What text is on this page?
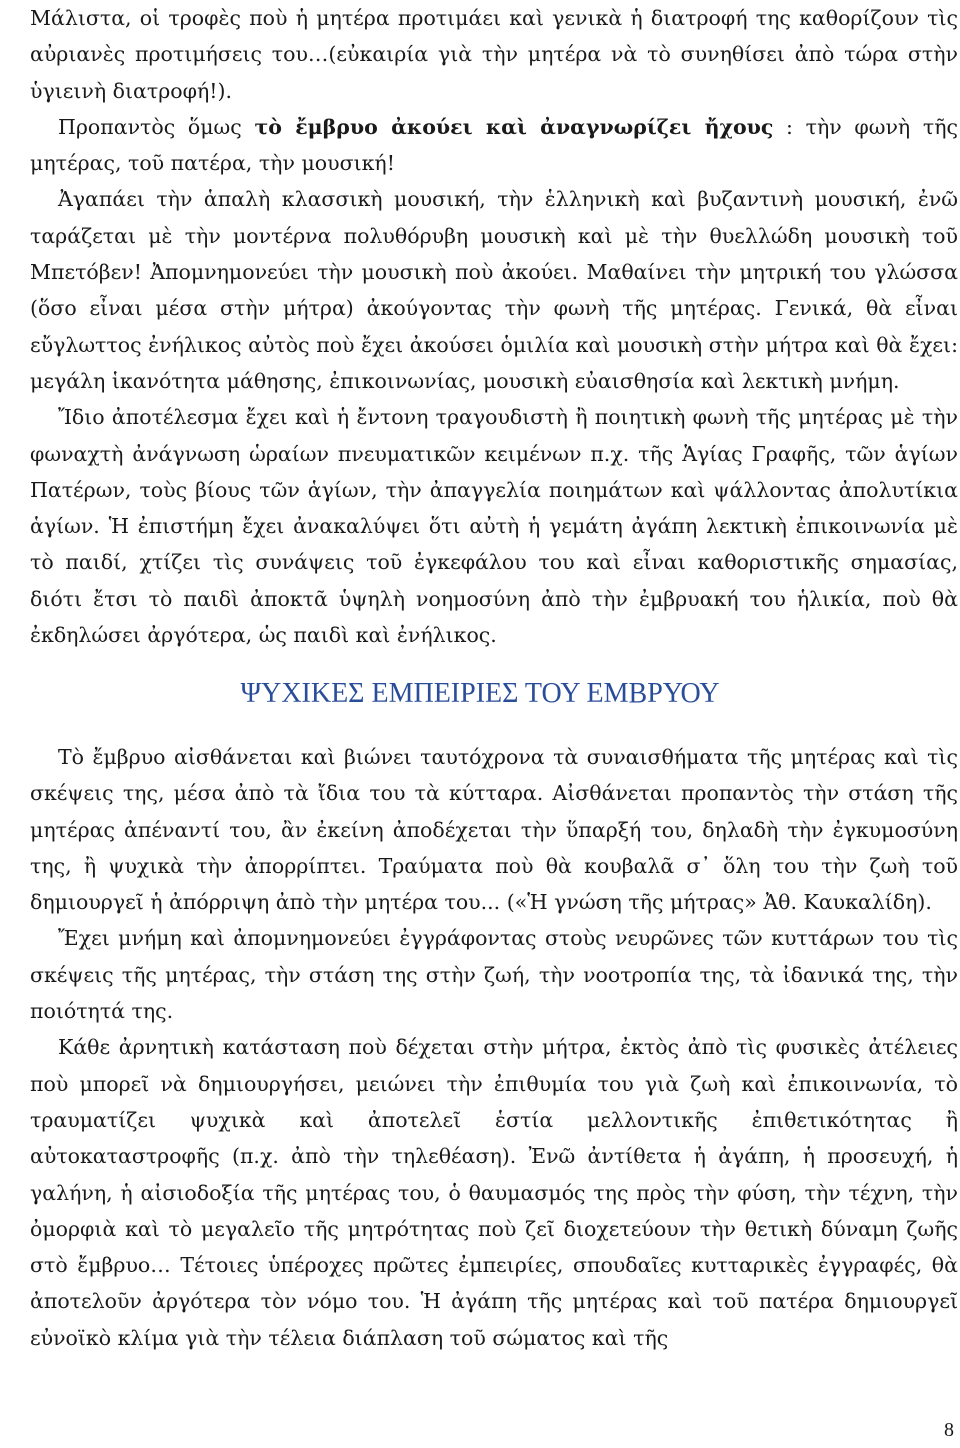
Μάλιστα, οἱ τροφὲς ποὺ ἡ μητέρα προτιμάει καὶ γενικὰ ἡ διατροφή της καθορίζουν τὶς αὐριανὲς προτιμήσεις του…(εὐκαιρία γιὰ τὴν μητέρα νὰ τὸ συνηθίσει ἀπὸ τώρα στὴν ὑγιεινὴ διατροφή!).

Προπαντὸς ὅμως τὸ ἔμβρυο ἀκούει καὶ ἀναγνωρίζει ἤχους : τὴν φωνὴ τῆς μητέρας, τοῦ πατέρα, τὴν μουσική!

Ἀγαπάει τὴν ἁπαλὴ κλασσικὴ μουσική, τὴν ἑλληνικὴ καὶ βυζαντινὴ μουσική, ἐνῶ ταράζεται μὲ τὴν μοντέρνα πολυθόρυβη μουσικὴ καὶ μὲ τὴν θυελλώδη μουσικὴ τοῦ Μπετόβεν! Ἀπομνημονεύει τὴν μουσικὴ ποὺ ἀκούει. Μαθαίνει τὴν μητρική του γλώσσα (ὅσο εἶναι μέσα στὴν μήτρα) ἀκούγοντας τὴν φωνὴ τῆς μητέρας. Γενικά, θὰ εἶναι εὔγλωττος ἐνήλικος αὐτὸς ποὺ ἔχει ἀκούσει ὁμιλία καὶ μουσικὴ στὴν μήτρα καὶ θὰ ἔχει: μεγάλη ἱκανότητα μάθησης, ἐπικοινωνίας, μουσικὴ εὐαισθησία καὶ λεκτικὴ μνήμη.

Ἴδιο ἀποτέλεσμα ἔχει καὶ ἡ ἔντονη τραγουδιστὴ ἢ ποιητικὴ φωνὴ τῆς μητέρας μὲ τὴν φωναχτὴ ἀνάγνωση ὡραίων πνευματικῶν κειμένων π.χ. τῆς Ἁγίας Γραφῆς, τῶν ἁγίων Πατέρων, τοὺς βίους τῶν ἁγίων, τὴν ἀπαγγελία ποιημάτων καὶ ψάλλοντας ἀπολυτίκια ἁγίων. Ἡ ἐπιστήμη ἔχει ἀνακαλύψει ὅτι αὐτὴ ἡ γεμάτη ἀγάπη λεκτικὴ ἐπικοινωνία μὲ τὸ παιδί, χτίζει τὶς συνάψεις τοῦ ἐγκεφάλου του καὶ εἶναι καθοριστικῆς σημασίας, διότι ἔτσι τὸ παιδὶ ἀποκτᾶ ὑψηλὴ νοημοσύνη ἀπὸ τὴν ἐμβρυακή του ἡλικία, ποὺ θὰ ἐκδηλώσει ἀργότερα, ὡς παιδὶ καὶ ἐνήλικος.

ΨΥΧΙΚΕΣ ΕΜΠΕΙΡΙΕΣ ΤΟΥ ΕΜΒΡΥΟΥ

Τὸ ἔμβρυο αἰσθάνεται καὶ βιώνει ταυτόχρονα τὰ συναισθήματα τῆς μητέρας καὶ τὶς σκέψεις της, μέσα ἀπὸ τὰ ἴδια του τὰ κύτταρα. Αἰσθάνεται προπαντὸς τὴν στάση τῆς μητέρας ἀπέναντί του, ἂν ἐκείνη ἀποδέχεται τὴν ὕπαρξή του, δηλαδὴ τὴν ἐγκυμοσύνη της, ἢ ψυχικὰ τὴν ἀπορρίπτει. Τραύματα ποὺ θὰ κουβαλᾶ σ᾽ ὅλη του τὴν ζωὴ τοῦ δημιουργεῖ ἡ ἀπόρριψη ἀπὸ τὴν μητέρα του... («Ἡ γνώση τῆς μήτρας» Ἀθ. Καυκαλίδη).

Ἔχει μνήμη καὶ ἀπομνημονεύει ἐγγράφοντας στοὺς νευρῶνες τῶν κυττάρων του τὶς σκέψεις τῆς μητέρας, τὴν στάση της στὴν ζωή, τὴν νοοτροπία της, τὰ ἰδανικά της, τὴν ποιότητά της.

Κάθε ἀρνητικὴ κατάσταση ποὺ δέχεται στὴν μήτρα, ἐκτὸς ἀπὸ τὶς φυσικὲς ἀτέλειες ποὺ μπορεῖ νὰ δημιουργήσει, μειώνει τὴν ἐπιθυμία του γιὰ ζωὴ καὶ ἐπικοινωνία, τὸ τραυματίζει ψυχικὰ καὶ ἀποτελεῖ ἑστία μελλοντικῆς ἐπιθετικότητας ἢ αὐτοκαταστροφῆς (π.χ. ἀπὸ τὴν τηλεθέαση). Ἐνῶ ἀντίθετα ἡ ἀγάπη, ἡ προσευχή, ἡ γαλήνη, ἡ αἰσιοδοξία τῆς μητέρας του, ὁ θαυμασμός της πρὸς τὴν φύση, τὴν τέχνη, τὴν ὀμορφιὰ καὶ τὸ μεγαλεῖο τῆς μητρότητας ποὺ ζεῖ διοχετεύουν τὴν θετικὴ δύναμη ζωῆς στὸ ἔμβρυο… Τέτοιες ὑπέροχες πρῶτες ἐμπειρίες, σπουδαῖες κυτταρικὲς ἐγγραφές, θὰ ἀποτελοῦν ἀργότερα τὸν νόμο του. Ἡ ἀγάπη τῆς μητέρας καὶ τοῦ πατέρα δημιουργεῖ εὐνοϊκὸ κλίμα γιὰ τὴν τέλεια διάπλαση τοῦ σώματος καὶ τῆς

8
